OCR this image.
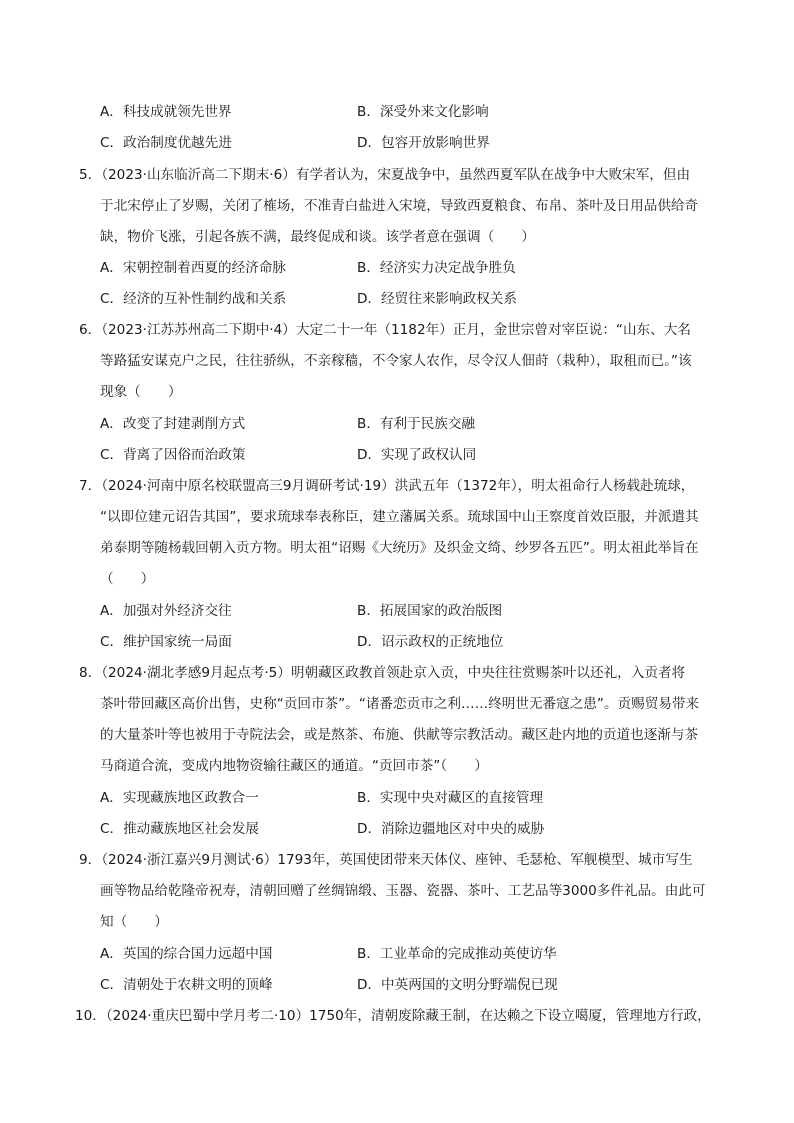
A．科技成就领先世界	B．深受外来文化影响
C．政治制度优越先进	D．包容开放影响世界
5．（2023·山东临沂高二下期末·6）有学者认为，宋夏战争中，虽然西夏军队在战争中大败宋军，但由
于北宋停止了岁赐，关闭了榷场，不准青白盐进入宋境，导致西夏粮食、布帛、茶叶及日用品供给奇
缺，物价飞涨，引起各族不满，最终促成和谈。该学者意在强调（　　）
A．宋朝控制着西夏的经济命脉	B．经济实力决定战争胜负
C．经济的互补性制约战和关系	D．经贸往来影响政权关系
6．（2023·江苏苏州高二下期中·4）大定二十一年（1182年）正月，金世宗曾对宰臣说：“山东、大名
等路猛安谋克户之民，往往骄纵，不亲稼穑，不令家人农作，尽令汉人佃莳（栽种），取租而已。”该
现象（　　）
A．改变了封建剥削方式	B．有利于民族交融
C．背离了因俗而治政策	D．实现了政权认同
7．（2024·河南中原名校联盟高三9月调研考试·19）洪武五年（1372年），明太祖命行人杨载赴琉球，
“以即位建元诏告其国”，要求琉球奉表称臣，建立藩属关系。琉球国中山王察度首效臣服，并派遣其
弟泰期等随杨载回朝入贡方物。明太祖“诏赐《大统历》及织金文绮、纱罗各五匹”。明太祖此举旨在
（　　）
A．加强对外经济交往	B．拓展国家的政治版图
C．维护国家统一局面	D．诏示政权的正统地位
8．（2024·湖北孝感9月起点考·5）明朝藏区政教首领赴京入贡，中央往往赏赐茶叶以还礼，入贡者将
茶叶带回藏区高价出售，史称“贡回市茶”。“诸番恋贡市之利……终明世无番寇之患”。贡赐贸易带来
的大量茶叶等也被用于寺院法会，或是熬茶、布施、供献等宗教活动。藏区赴内地的贡道也逐渐与茶
马商道合流，变成内地物资输往藏区的通道。“贡回市茶”（　　）
A．实现藏族地区政教合一	B．实现中央对藏区的直接管理
C．推动藏族地区社会发展	D．消除边疆地区对中央的威胁
9．（2024·浙江嘉兴9月测试·6）1793年，英国使团带来天体仪、座钟、毛瑟枪、军舰模型、城市写生
画等物品给乾隆帝祝寿，清朝回赠了丝绸锦缎、玉器、瓷器、茶叶、工艺品等3000多件礼品。由此可
知（　　）
A．英国的综合国力远超中国	B．工业革命的完成推动英使访华
C．清朝处于农耕文明的顶峰	D．中英两国的文明分野端倪已现
10．（2024·重庆巴蜀中学月考二·10）1750年，清朝废除藏王制，在达赖之下设立噶厦，管理地方行政，
